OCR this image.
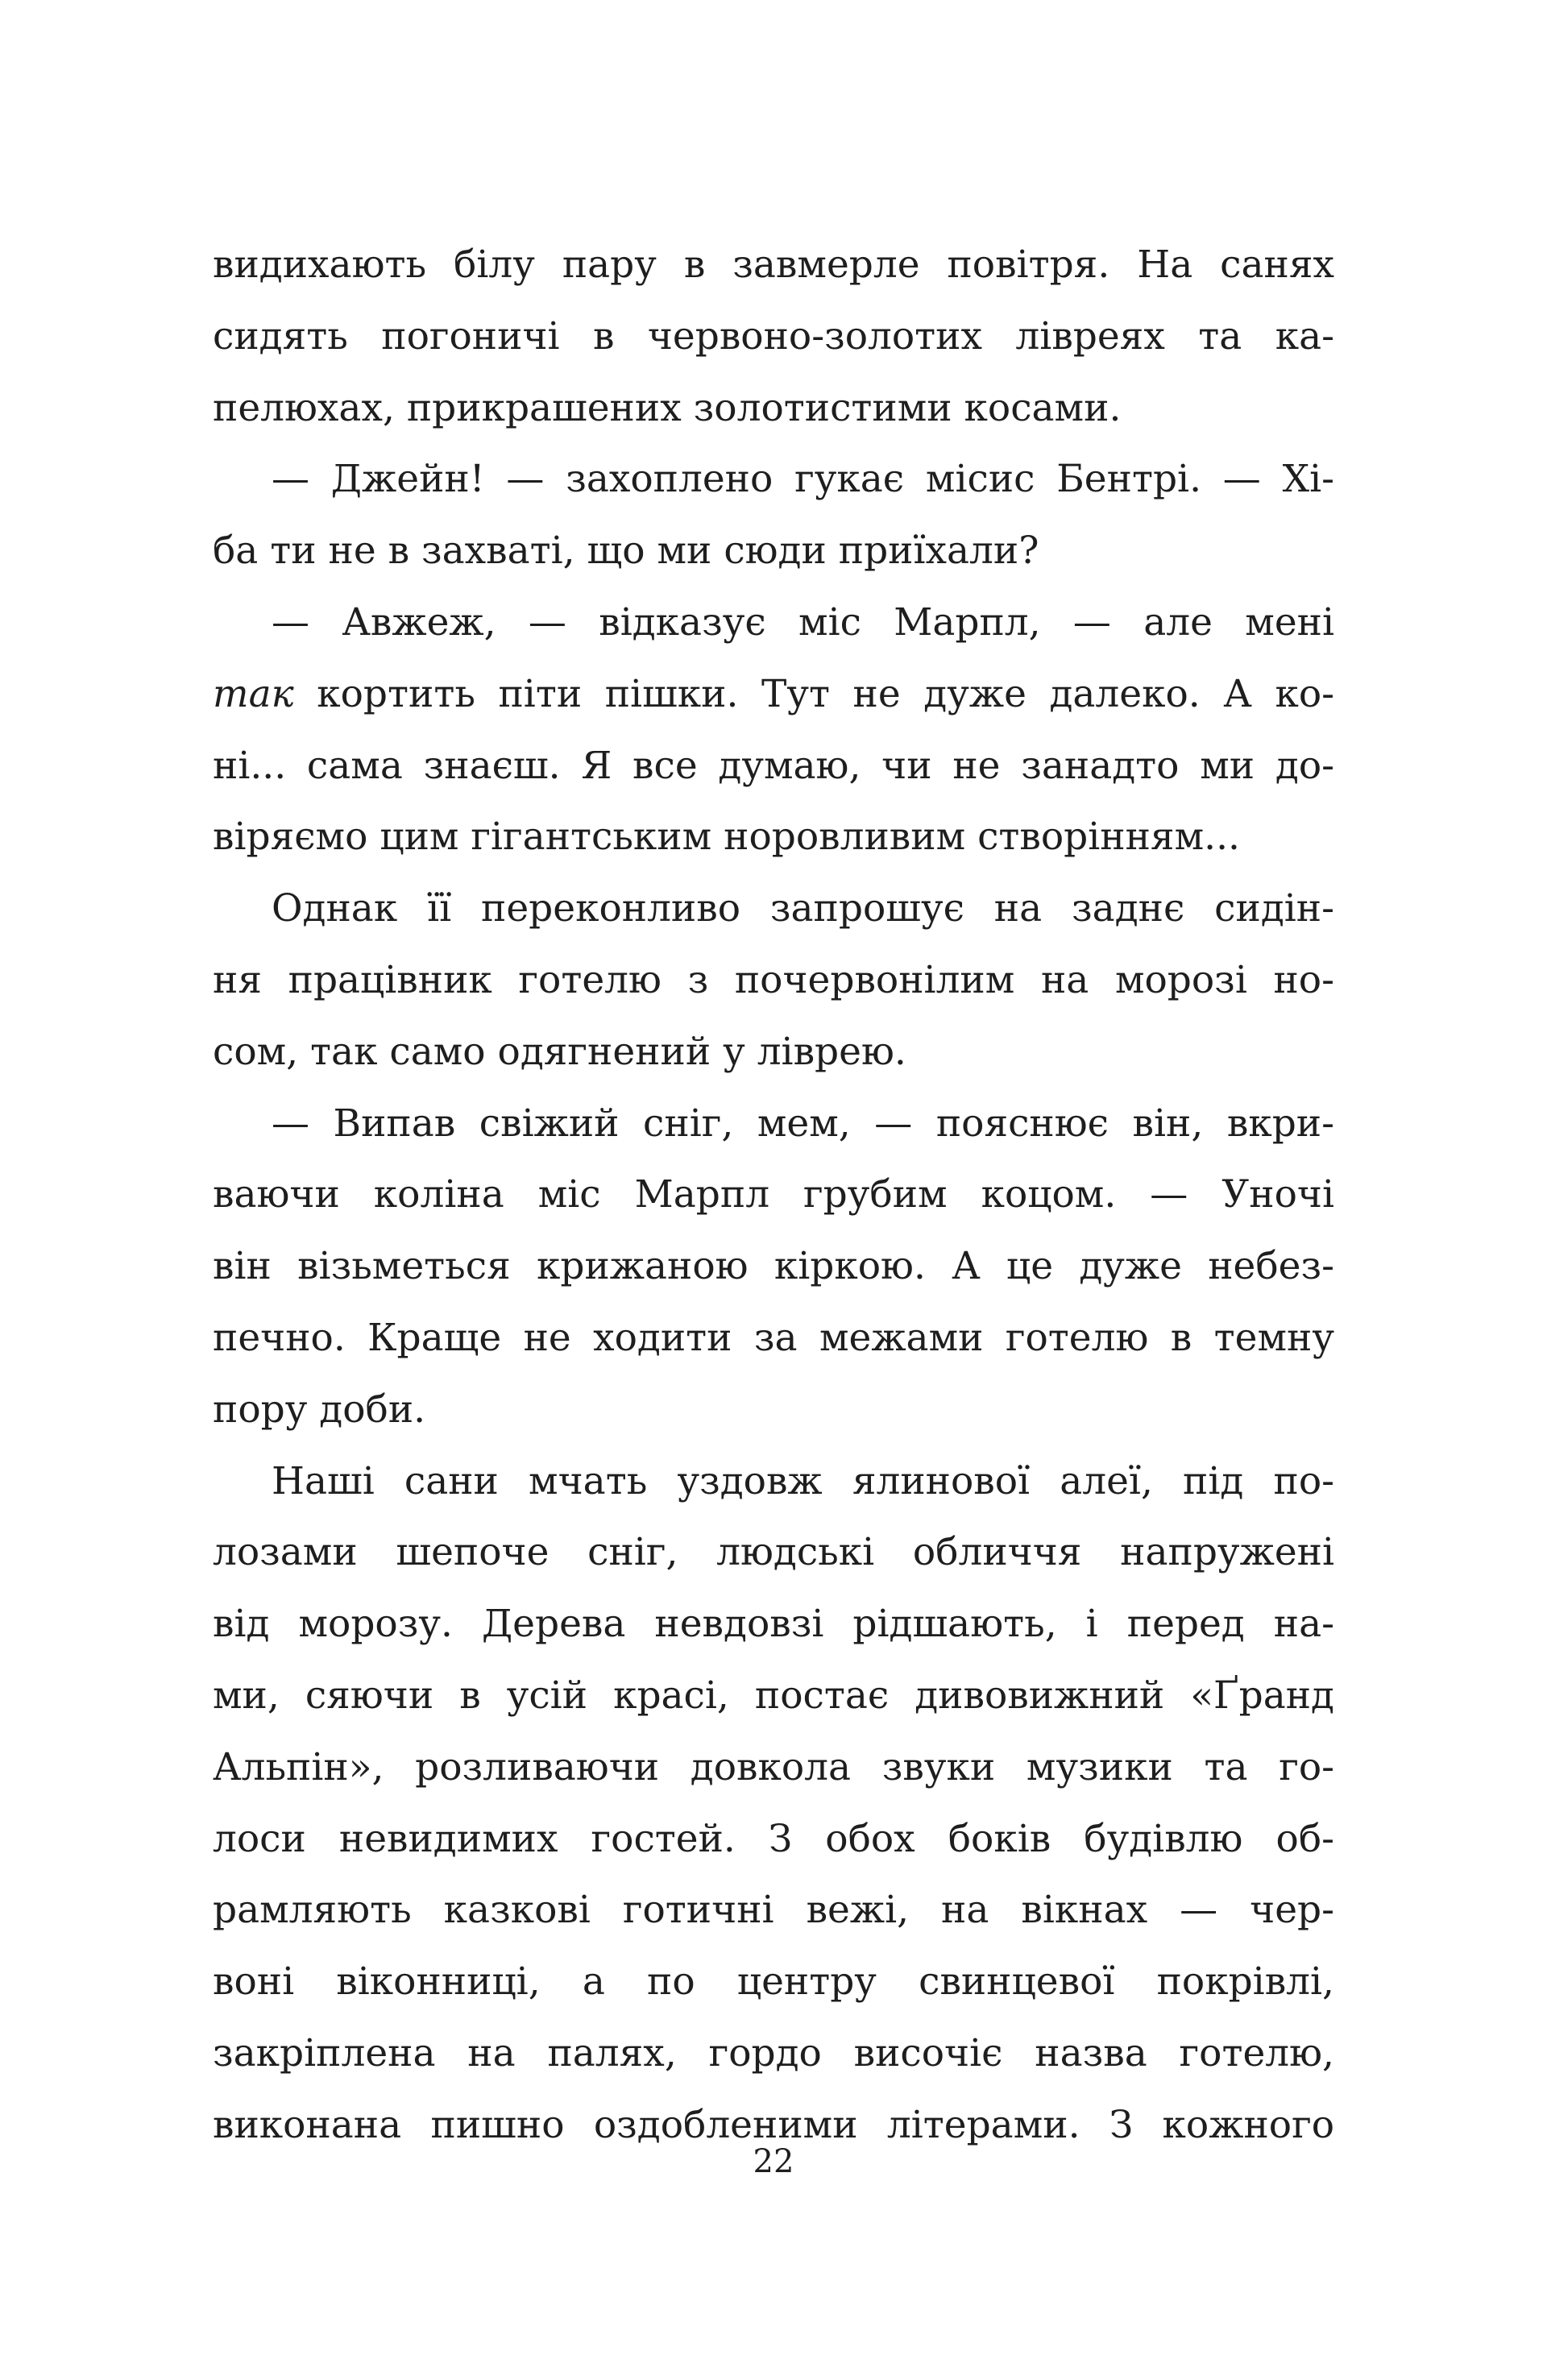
видихають білу пару в завмерле повітря. На санях
сидять погоничі в червоно-золотих лівреях та ка-
пелюхах, прикрашених золотистими косами.
— Джейн! — захоплено гукає місис Бентрі. — Хі-
ба ти не в захваті, що ми сюди приїхали?
— Авжеж, — відказує міс Марпл, — але мені
так кортить піти пішки. Тут не дуже далеко. А ко-
ні... сама знаєш. Я все думаю, чи не занадто ми до-
віряємо цим гігантським норовливим створінням...
Однак її переконливо запрошує на заднє сидін-
ня працівник готелю з почервонілим на морозі но-
сом, так само одягнений у ліврею.
— Випав свіжий сніг, мем, — пояснює він, вкри-
ваючи коліна міс Марпл грубим коцом. — Уночі
він візьметься крижаною кіркою. А це дуже небез-
печно. Краще не ходити за межами готелю в темну
пору доби.
Наші сани мчать уздовж ялинової алеї, під по-
лозами шепоче сніг, людські обличчя напружені
від морозу. Дерева невдовзі рідшають, і перед на-
ми, сяючи в усій красі, постає дивовижний «Ґранд
Альпін», розливаючи довкола звуки музики та го-
лоси невидимих гостей. З обох боків будівлю об-
рамляють казкові готичні вежі, на вікнах — чер-
воні віконниці, а по центру свинцевої покрівлі,
закріплена на палях, гордо височіє назва готелю,
виконана пишно оздобленими літерами. З кожного
22
